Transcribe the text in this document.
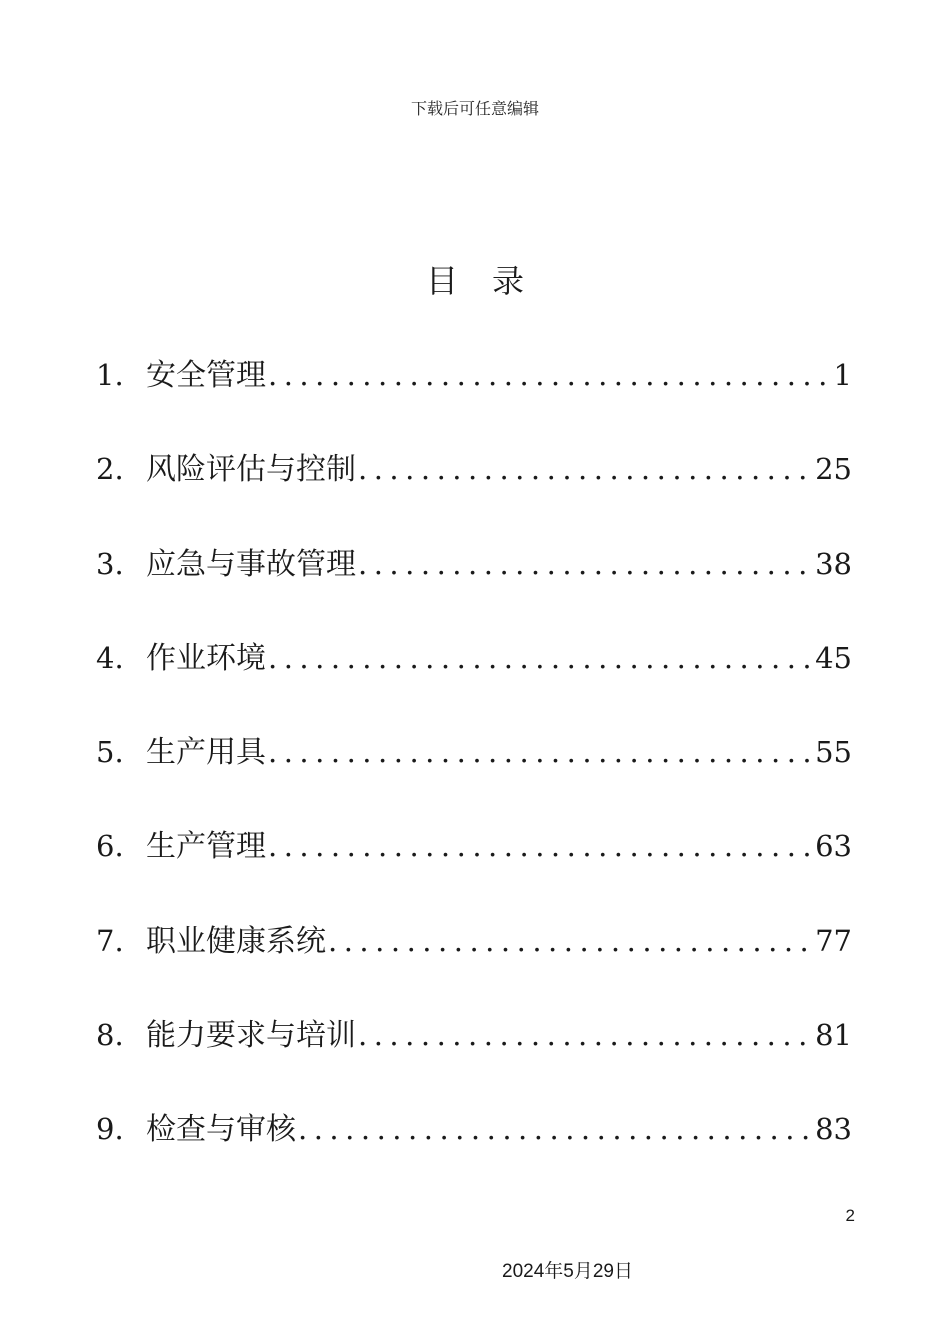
下载后可任意编辑
目录
1. 安全管理 .....	1
2. 风险评估与控制 .....	25
3. 应急与事故管理 .....	38
4. 作业环境 .....	45
5. 生产用具 .....	55
6. 生产管理 .....	63
7. 职业健康系统 .....	77
8. 能力要求与培训 .....	81
9. 检查与审核 .....	83
2
2024年5月29日
